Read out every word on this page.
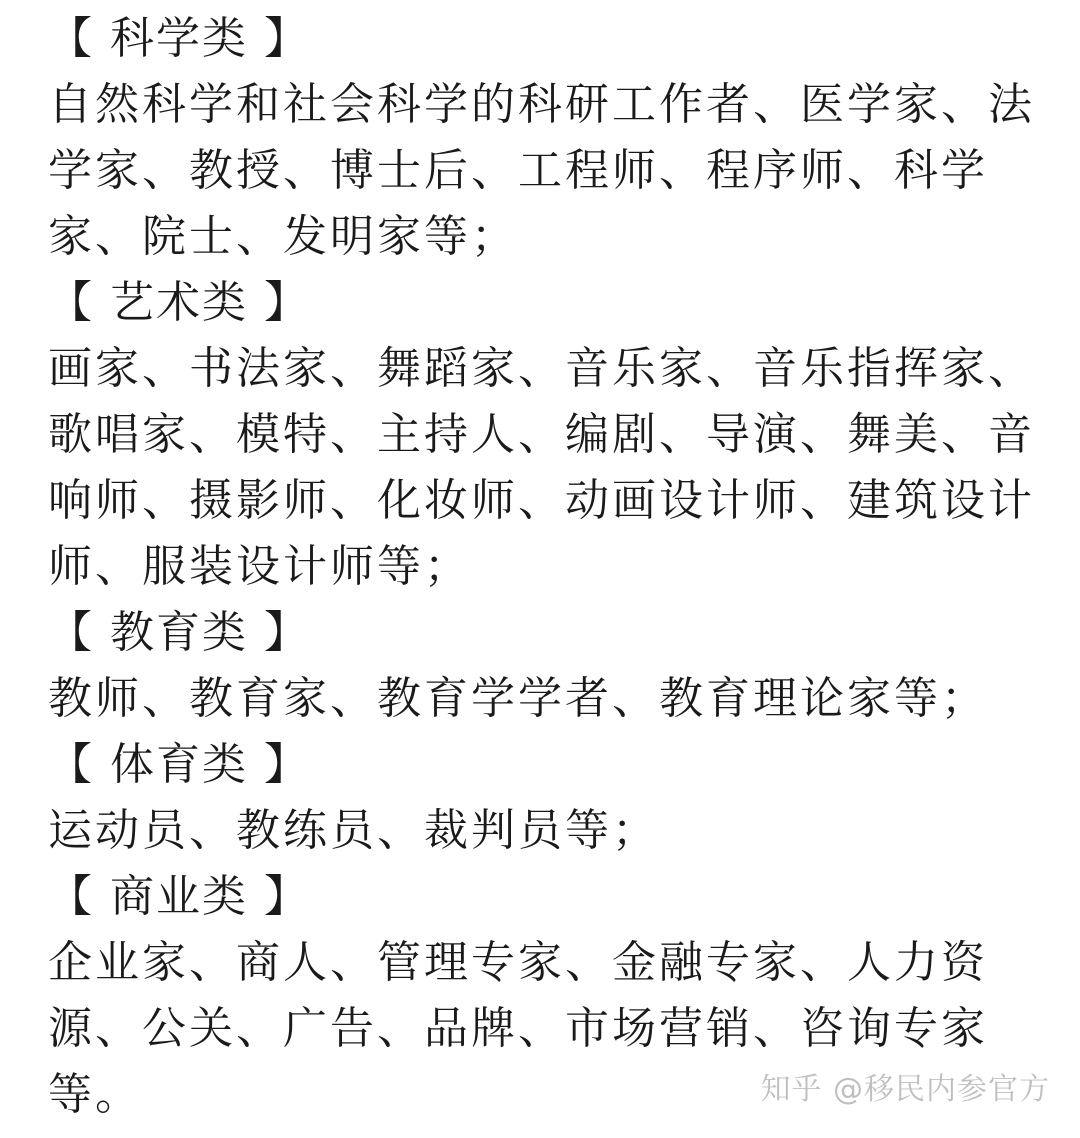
【 科学类 】
自然科学和社会科学的科研工作者、医学家、法
学家、教授、博士后、工程师、程序师、科学
家、院士、发明家等；
【 艺术类 】
画家、书法家、舞蹈家、音乐家、音乐指挥家、
歌唱家、模特、主持人、编剧、导演、舞美、音
响师、摄影师、化妆师、动画设计师、建筑设计
师、服装设计师等；
【 教育类 】
教师、教育家、教育学学者、教育理论家等；
【 体育类 】
运动员、教练员、裁判员等；
【 商业类 】
企业家、商人、管理专家、金融专家、人力资
源、公关、广告、品牌、市场营销、咨询专家
等。	知乎 @移民内参官方
